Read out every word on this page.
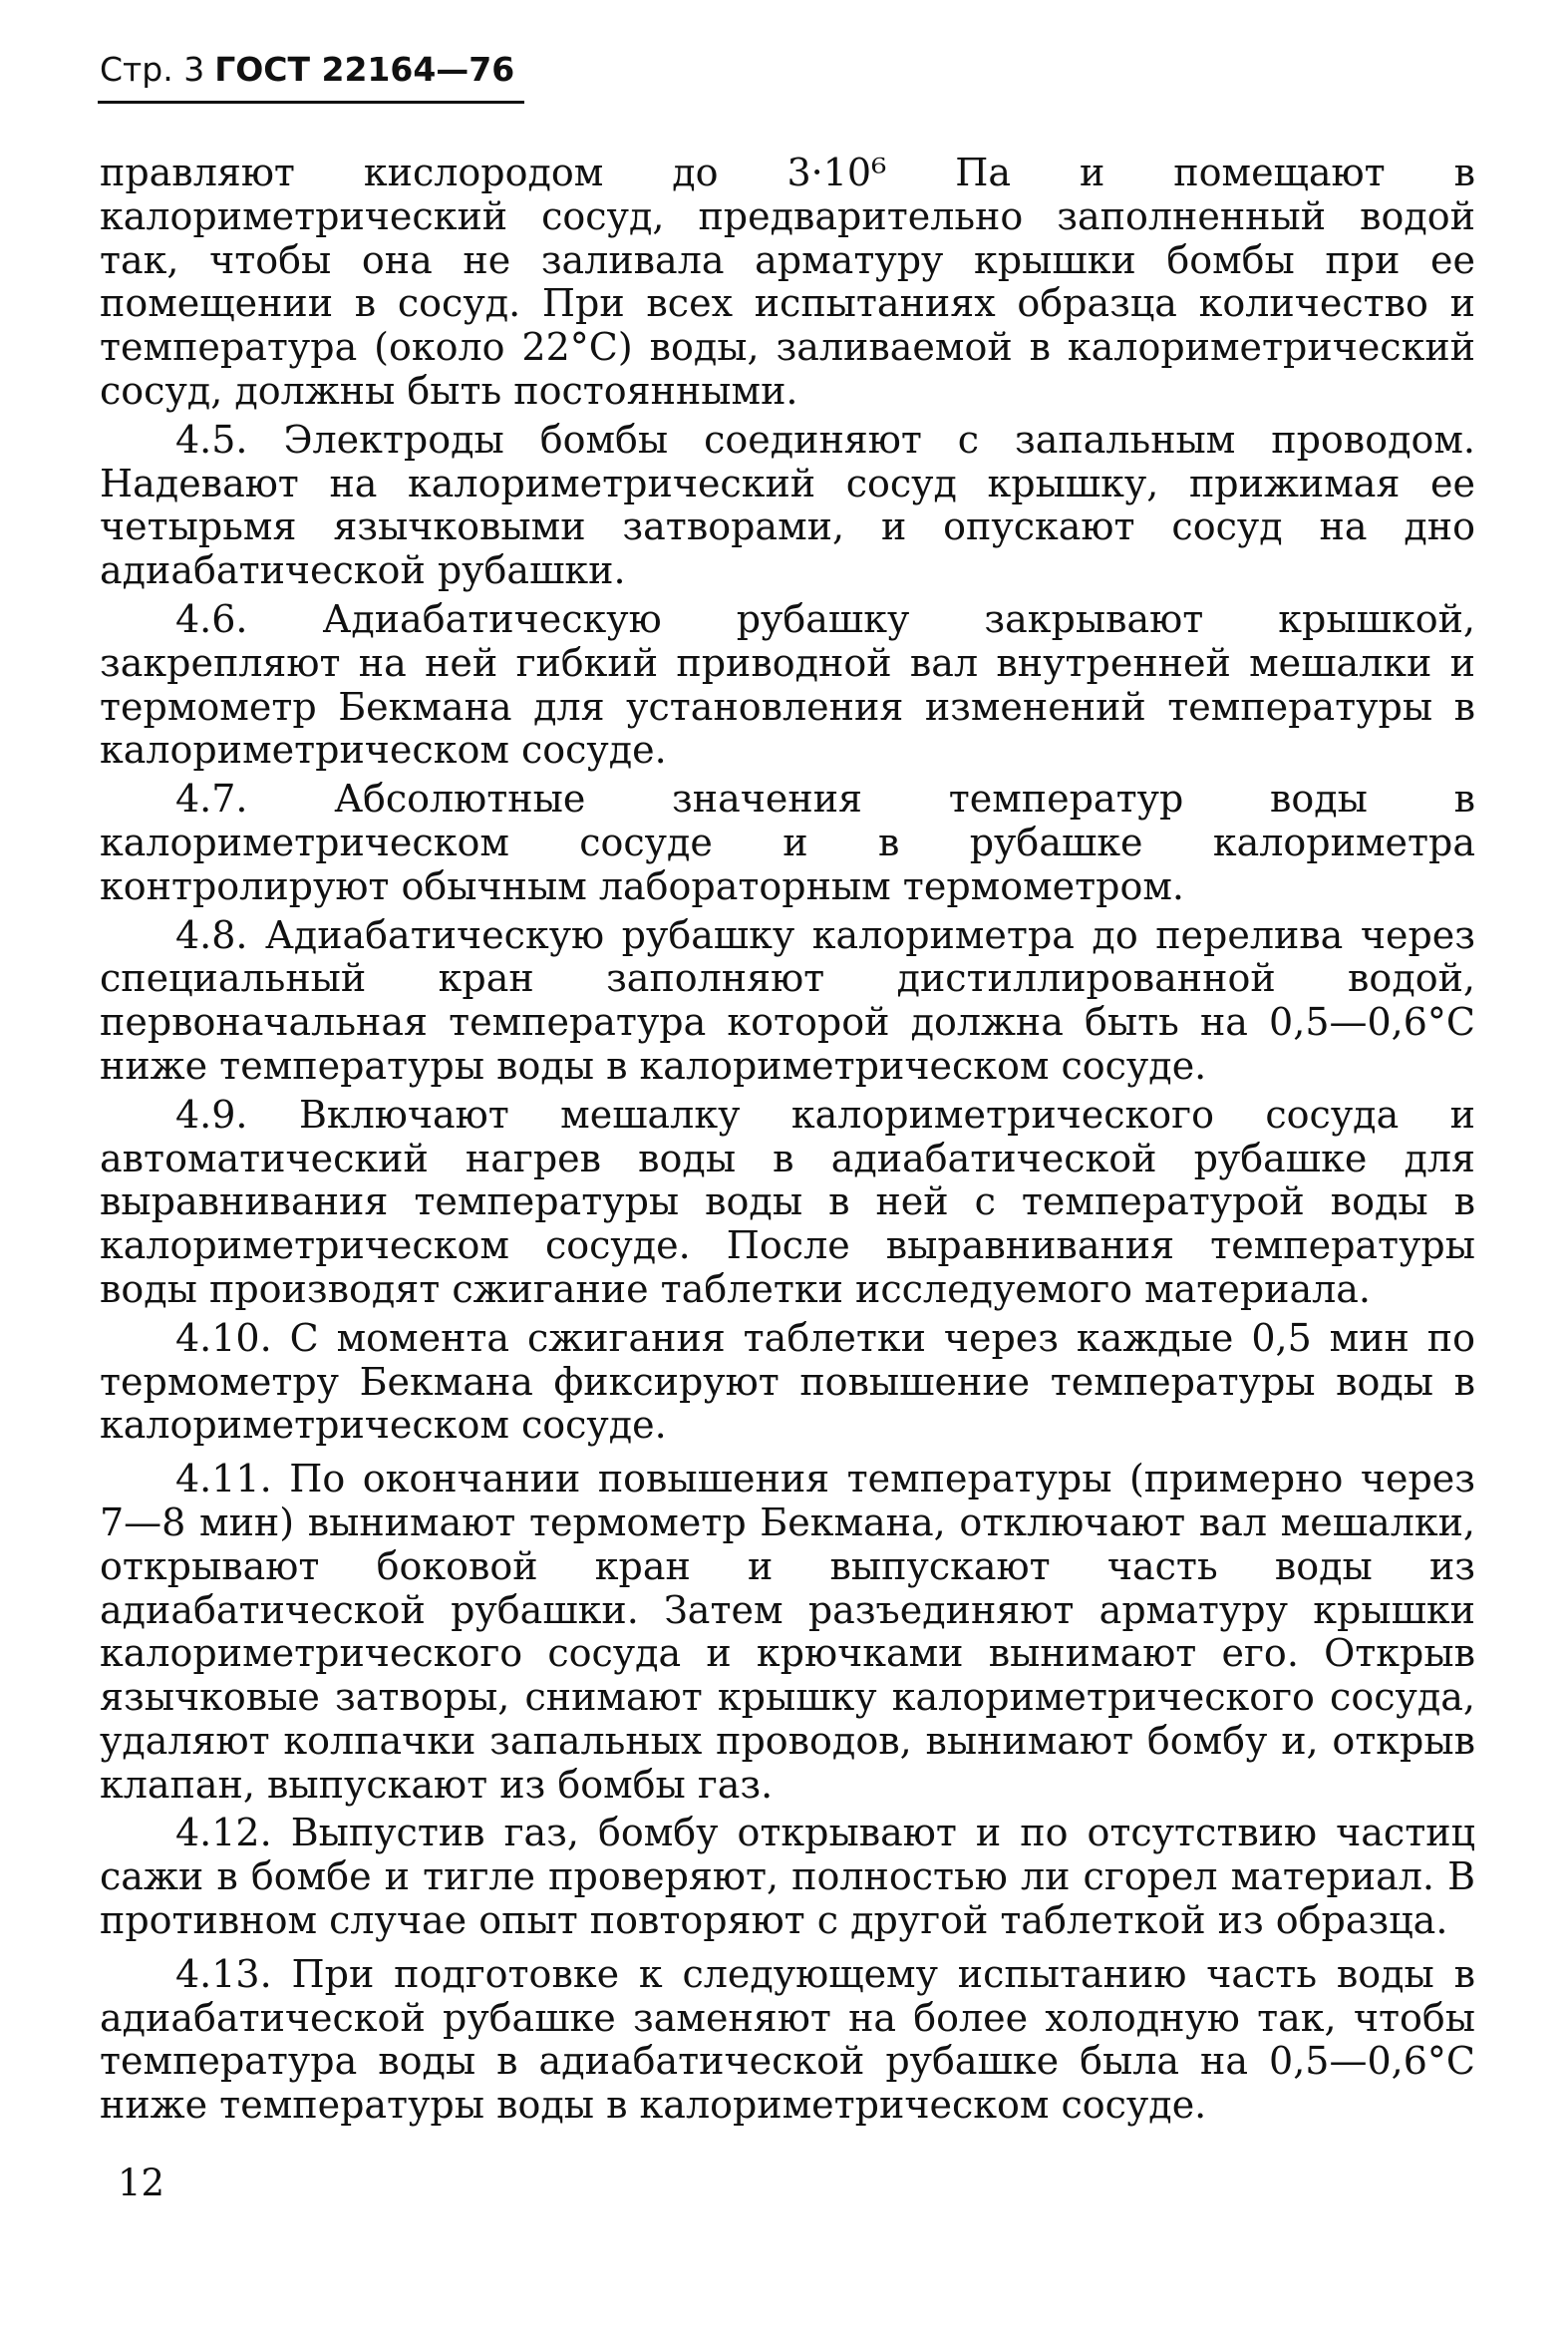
Стр. 3 ГОСТ 22164—76

правляют кислородом до 3·10⁶ Па и помещают в калориметрический сосуд, предварительно заполненный водой так, чтобы она не заливала арматуру крышки бомбы при ее помещении в сосуд. При всех испытаниях образца количество и температура (около 22°С) воды, заливаемой в калориметрический сосуд, должны быть постоянными.

4.5. Электроды бомбы соединяют с запальным проводом. Надевают на калориметрический сосуд крышку, прижимая ее четырьмя язычковыми затворами, и опускают сосуд на дно адиабатической рубашки.

4.6. Адиабатическую рубашку закрывают крышкой, закрепляют на ней гибкий приводной вал внутренней мешалки и термометр Бекмана для установления изменений температуры в калориметрическом сосуде.

4.7. Абсолютные значения температур воды в калориметрическом сосуде и в рубашке калориметра контролируют обычным лабораторным термометром.

4.8. Адиабатическую рубашку калориметра до перелива через специальный кран заполняют дистиллированной водой, первоначальная температура которой должна быть на 0,5—0,6°С ниже температуры воды в калориметрическом сосуде.

4.9. Включают мешалку калориметрического сосуда и автоматический нагрев воды в адиабатической рубашке для выравнивания температуры воды в ней с температурой воды в калориметрическом сосуде. После выравнивания температуры воды производят сжигание таблетки исследуемого материала.

4.10. С момента сжигания таблетки через каждые 0,5 мин по термометру Бекмана фиксируют повышение температуры воды в калориметрическом сосуде.

4.11. По окончании повышения температуры (примерно через 7—8 мин) вынимают термометр Бекмана, отключают вал мешалки, открывают боковой кран и выпускают часть воды из адиабатической рубашки. Затем разъединяют арматуру крышки калориметрического сосуда и крючками вынимают его. Открыв язычковые затворы, снимают крышку калориметрического сосуда, удаляют колпачки запальных проводов, вынимают бомбу и, открыв клапан, выпускают из бомбы газ.

4.12. Выпустив газ, бомбу открывают и по отсутствию частиц сажи в бомбе и тигле проверяют, полностью ли сгорел материал. В противном случае опыт повторяют с другой таблеткой из образца.

4.13. При подготовке к следующему испытанию часть воды в адиабатической рубашке заменяют на более холодную так, чтобы температура воды в адиабатической рубашке была на 0,5—0,6°С ниже температуры воды в калориметрическом сосуде.

12
